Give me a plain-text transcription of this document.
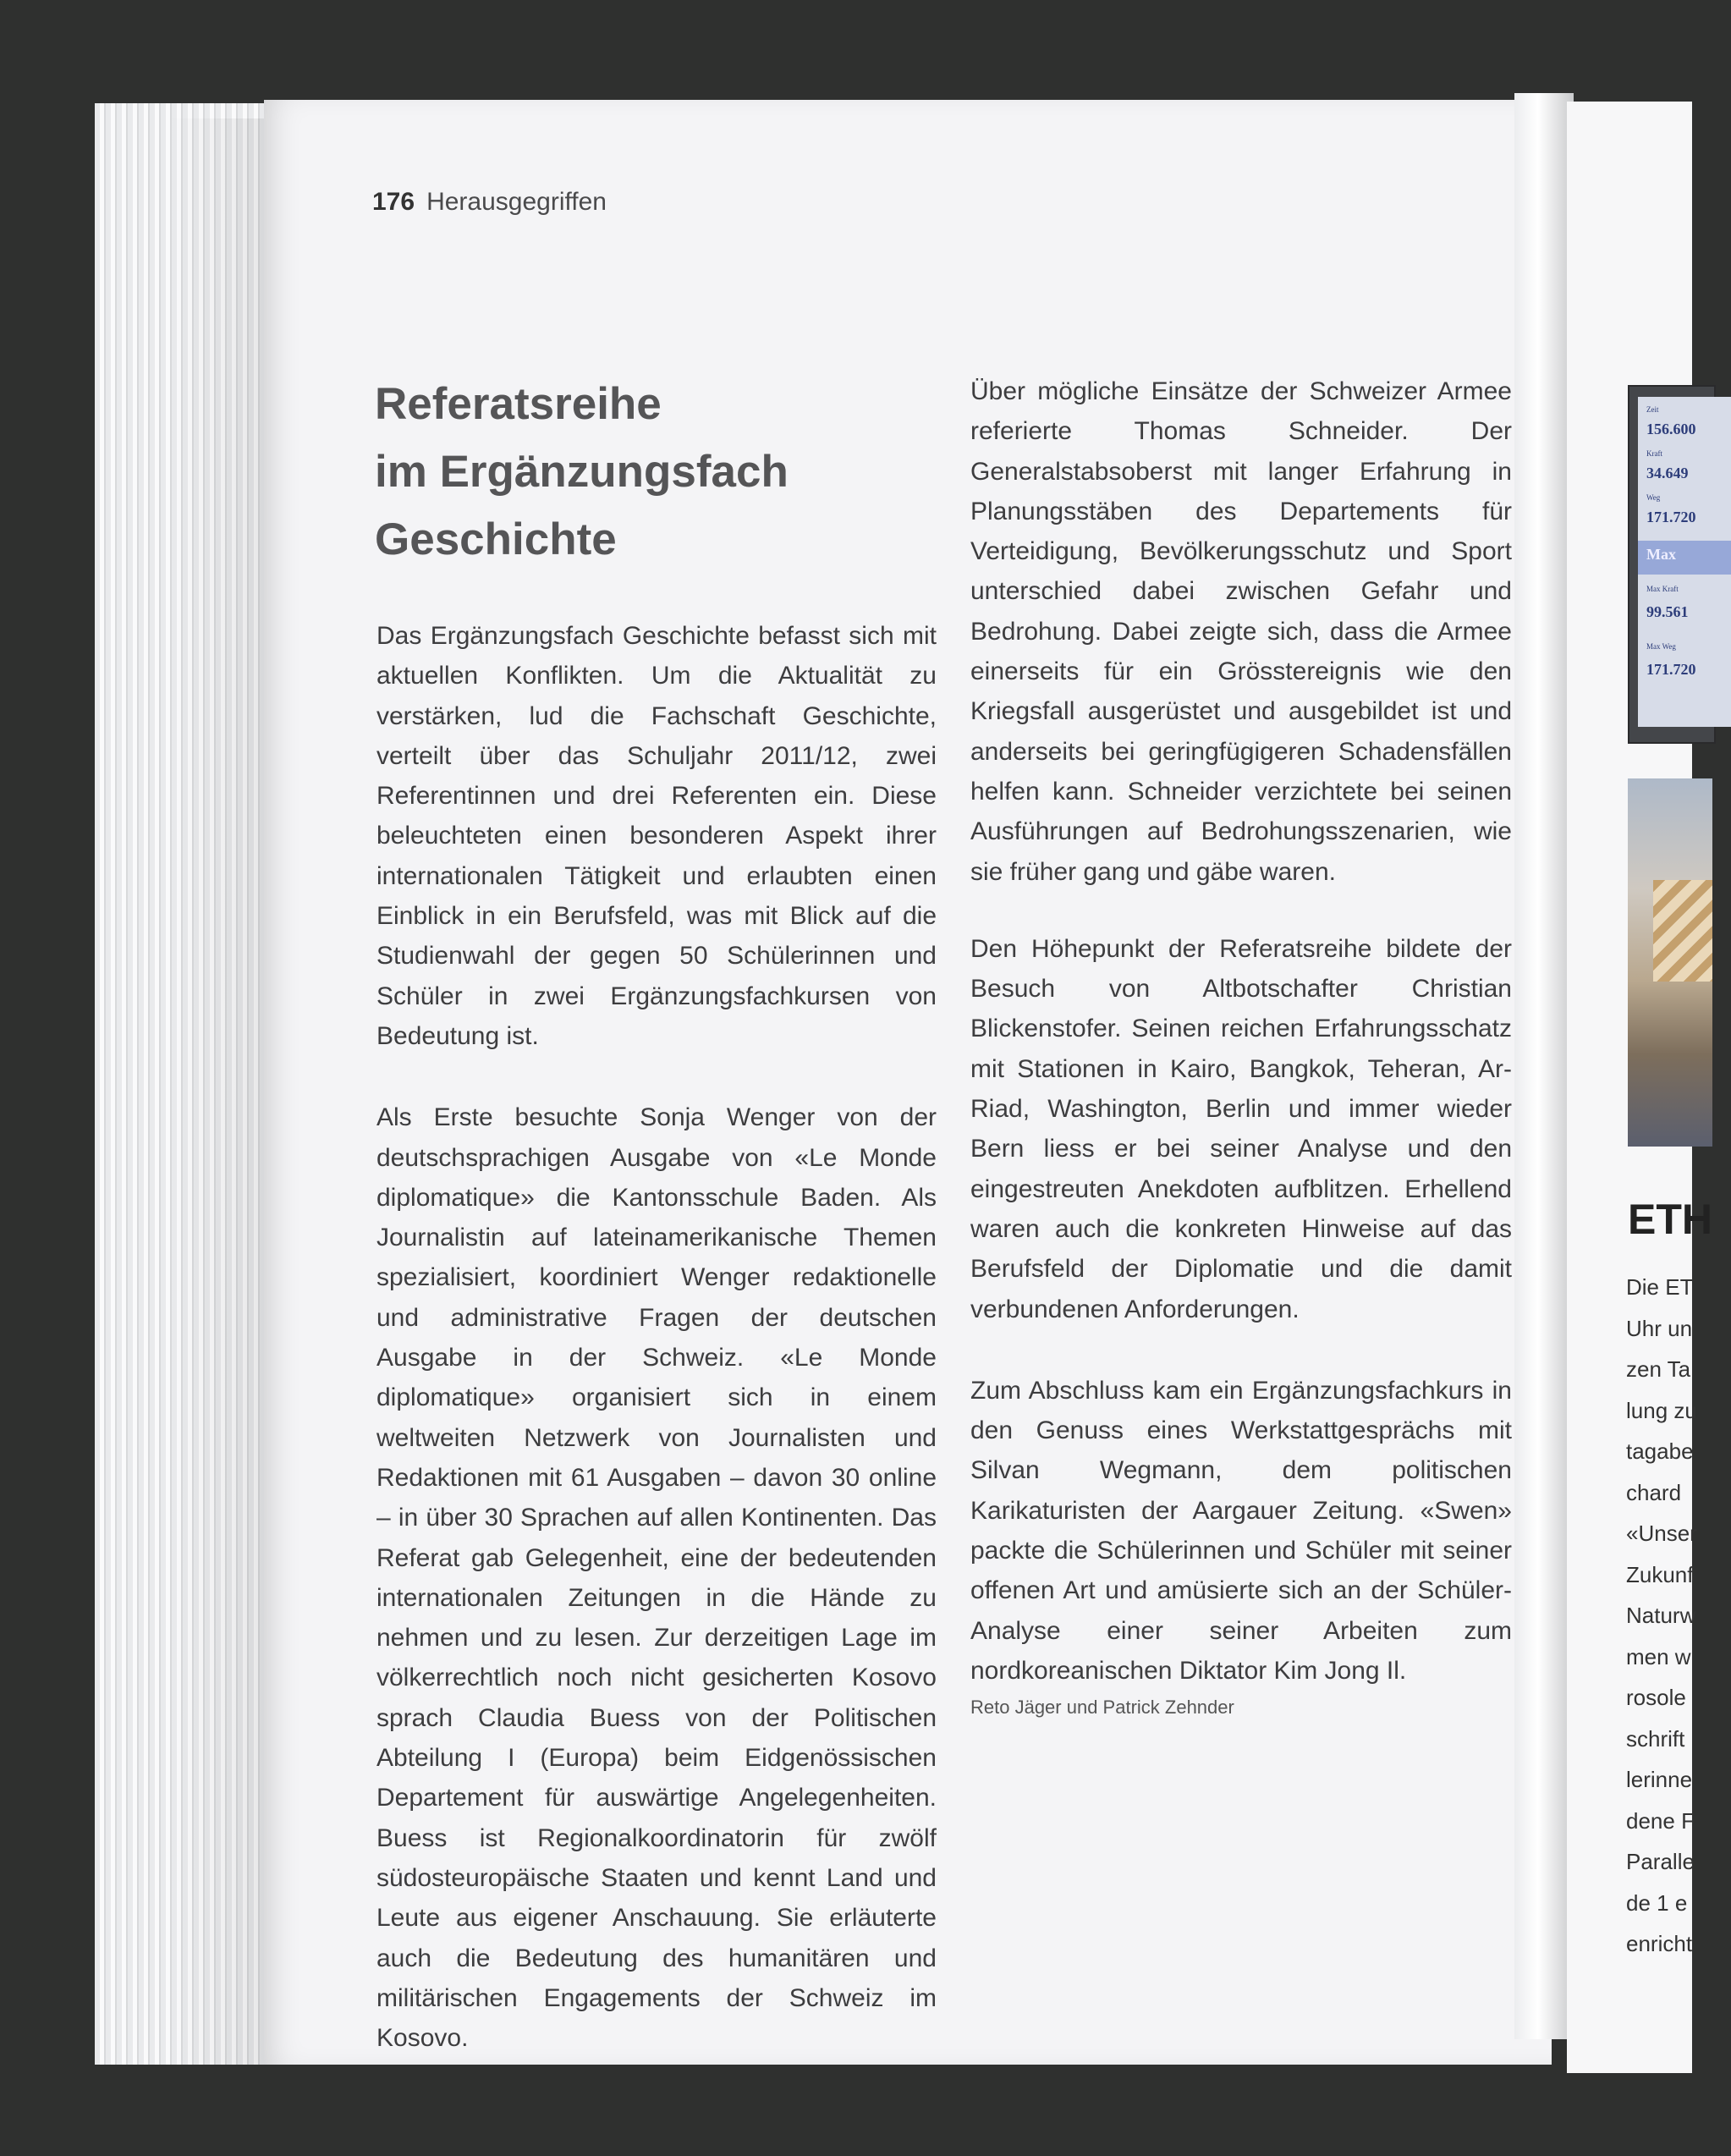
176 Herausgegriffen
Referatsreihe
im Ergänzungsfach
Geschichte

Das Ergänzungsfach Geschichte befasst sich mit aktuellen Konflikten. Um die Aktualität zu verstärken, lud die Fachschaft Geschichte, verteilt über das Schuljahr 2011/12, zwei Referentinnen und drei Referenten ein. Diese beleuchteten einen besonderen Aspekt ihrer internationalen Tätigkeit und erlaubten einen Einblick in ein Berufsfeld, was mit Blick auf die Studienwahl der gegen 50 Schülerinnen und Schüler in zwei Ergänzungsfachkursen von Bedeutung ist.

Als Erste besuchte Sonja Wenger von der deutschsprachigen Ausgabe von «Le Monde diplomatique» die Kantonsschule Baden. Als Journalistin auf lateinamerikanische Themen spezialisiert, koordiniert Wenger redaktionelle und administrative Fragen der deutschen Ausgabe in der Schweiz. «Le Monde diplomatique» organisiert sich in einem weltweiten Netzwerk von Journalisten und Redaktionen mit 61 Ausgaben – davon 30 online – in über 30 Sprachen auf allen Kontinenten. Das Referat gab Gelegenheit, eine der bedeutenden internationalen Zeitungen in die Hände zu nehmen und zu lesen. Zur derzeitigen Lage im völkerrechtlich noch nicht gesicherten Kosovo sprach Claudia Buess von der Politischen Abteilung I (Europa) beim Eidgenössischen Departement für auswärtige Angelegenheiten. Buess ist Regionalkoordinatorin für zwölf südosteuropäische Staaten und kennt Land und Leute aus eigener Anschauung. Sie erläuterte auch die Bedeutung des humanitären und militärischen Engagements der Schweiz im Kosovo.

Über mögliche Einsätze der Schweizer Armee referierte Thomas Schneider. Der Generalstabsoberst mit langer Erfahrung in Planungsstäben des Departements für Verteidigung, Bevölkerungsschutz und Sport unterschied dabei zwischen Gefahr und Bedrohung. Dabei zeigte sich, dass die Armee einerseits für ein Grösstereignis wie den Kriegsfall ausgerüstet und ausgebildet ist und anderseits bei geringfügigeren Schadensfällen helfen kann. Schneider verzichtete bei seinen Ausführungen auf Bedrohungsszenarien, wie sie früher gang und gäbe waren.

Den Höhepunkt der Referatsreihe bildete der Besuch von Altbotschafter Christian Blickenstofer. Seinen reichen Erfahrungsschatz mit Stationen in Kairo, Bangkok, Teheran, Ar-Riad, Washington, Berlin und immer wieder Bern liess er bei seiner Analyse und den eingestreuten Anekdoten aufblitzen. Erhellend waren auch die konkreten Hinweise auf das Berufsfeld der Diplomatie und die damit verbundenen Anforderungen.

Zum Abschluss kam ein Ergänzungsfachkurs in den Genuss eines Werkstattgesprächs mit Silvan Wegmann, dem politischen Karikaturisten der Aargauer Zeitung. «Swen» packte die Schülerinnen und Schüler mit seiner offenen Art und amüsierte sich an der Schüler-Analyse einer seiner Arbeiten zum nordkoreanischen Diktator Kim Jong Il.

Reto Jäger und Patrick Zehnder

Zeit
156.600
Kraft
34.649
Weg
171.720
Max
Max Kraft
99.561
Max Weg
171.720
ETH
Die ET
Uhr un
zen Ta
lung zu
tagabe
chard
«Unser
Zukunf
Naturw
men w
rosole
schrift
lerinne
dene F
Paralle
de 1 e
enricht
